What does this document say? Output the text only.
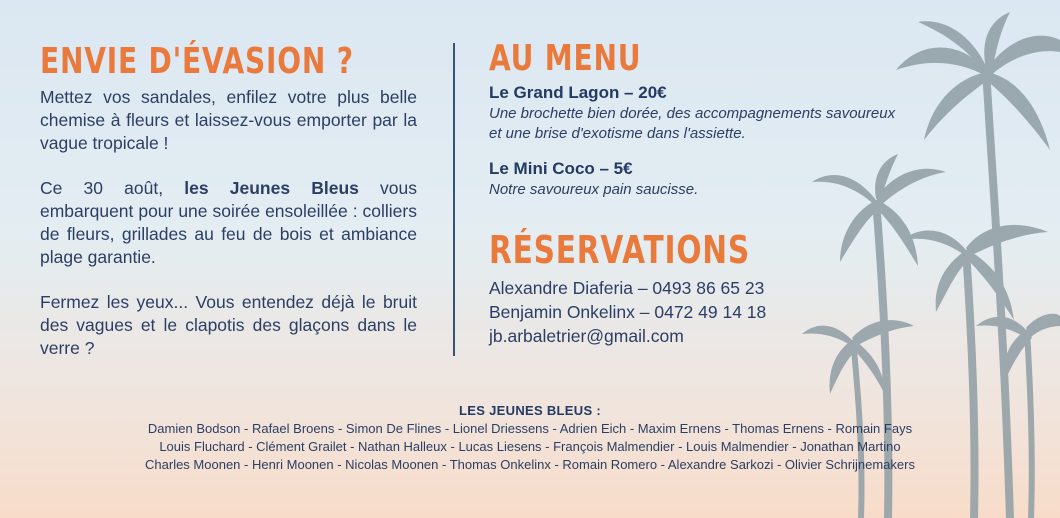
ENVIE D'ÉVASION ?

Mettez vos sandales, enfilez votre plus belle chemise à fleurs et laissez-vous emporter par la vague tropicale !

Ce 30 août, les Jeunes Bleus vous embarquent pour une soirée ensoleillée : colliers de fleurs, grillades au feu de bois et ambiance plage garantie.

Fermez les yeux... Vous entendez déjà le bruit des vagues et le clapotis des glaçons dans le verre ?

AU MENU
Le Grand Lagon – 20€
Une brochette bien dorée, des accompagnements savoureux et une brise d'exotisme dans l'assiette.
Le Mini Coco – 5€
Notre savoureux pain saucisse.
RÉSERVATIONS
Alexandre Diaferia – 0493 86 65 23
Benjamin Onkelinx – 0472 49 14 18
jb.arbaletrier@gmail.com
LES JEUNES BLEUS :
Damien Bodson - Rafael Broens - Simon De Flines - Lionel Driessens - Adrien Eich - Maxim Ernens - Thomas Ernens - Romain Fays
Louis Fluchard - Clément Grailet - Nathan Halleux - Lucas Liesens - François Malmendier - Louis Malmendier - Jonathan Martino
Charles Moonen - Henri Moonen - Nicolas Moonen - Thomas Onkelinx - Romain Romero - Alexandre Sarkozi - Olivier Schrijnemakers
